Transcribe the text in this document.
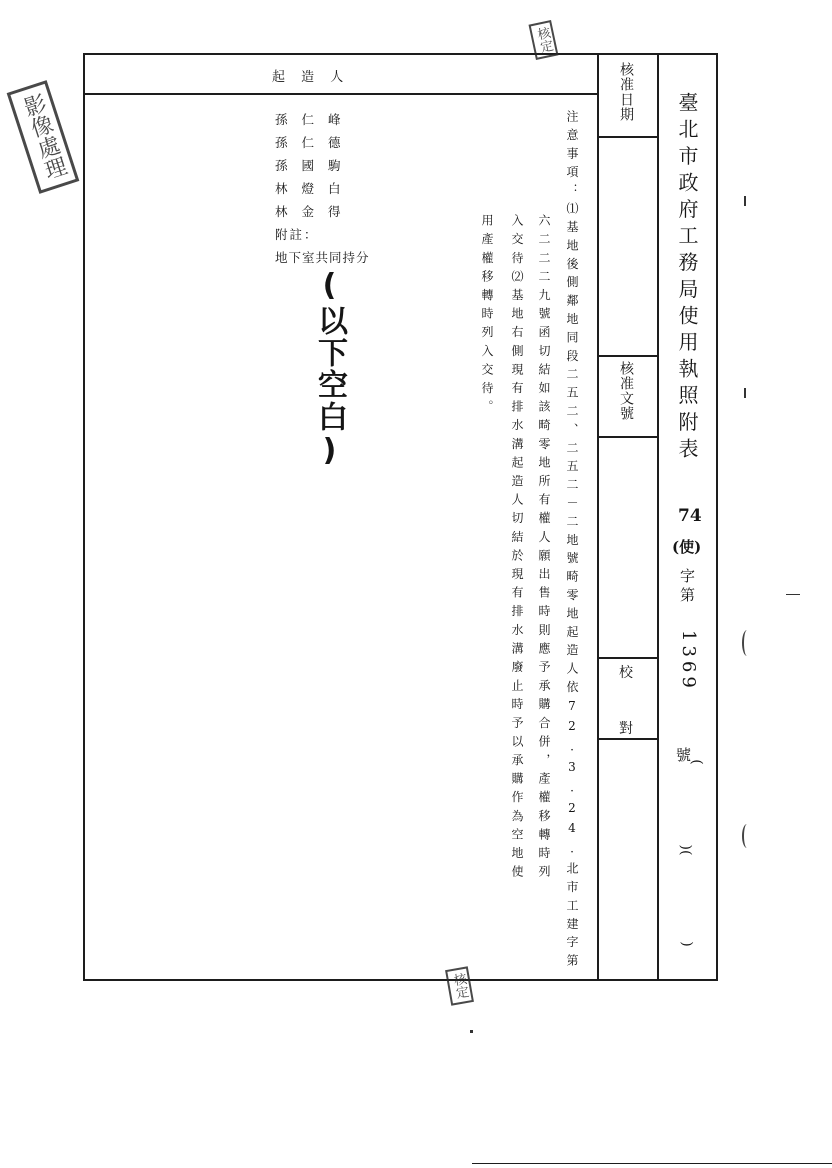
起 造 人
孫 仁 峰
孫 仁 德
孫 國 駒
林 燈 白
林 金 得
附註：
地下室共同持分
(以下空白)	注意事項：⑴基地後側鄰地同段二五二、二五二－二地號畸零地起造人依72.3.24.北市工建字第
六二二二九號函切結如該畸零地所有權人願出售時則應予承購合併，產權移轉時列
入交待⑵基地右側現有排水溝起造人切結於現有排水溝廢止時予以承購作為空地使
用產權移轉時列入交待。
核准日期
核准文號
校
對
臺北市政府工務局使用執照附表
74
(使)
字第
1369
號
(
)(
)
核定
影像處理
核定
